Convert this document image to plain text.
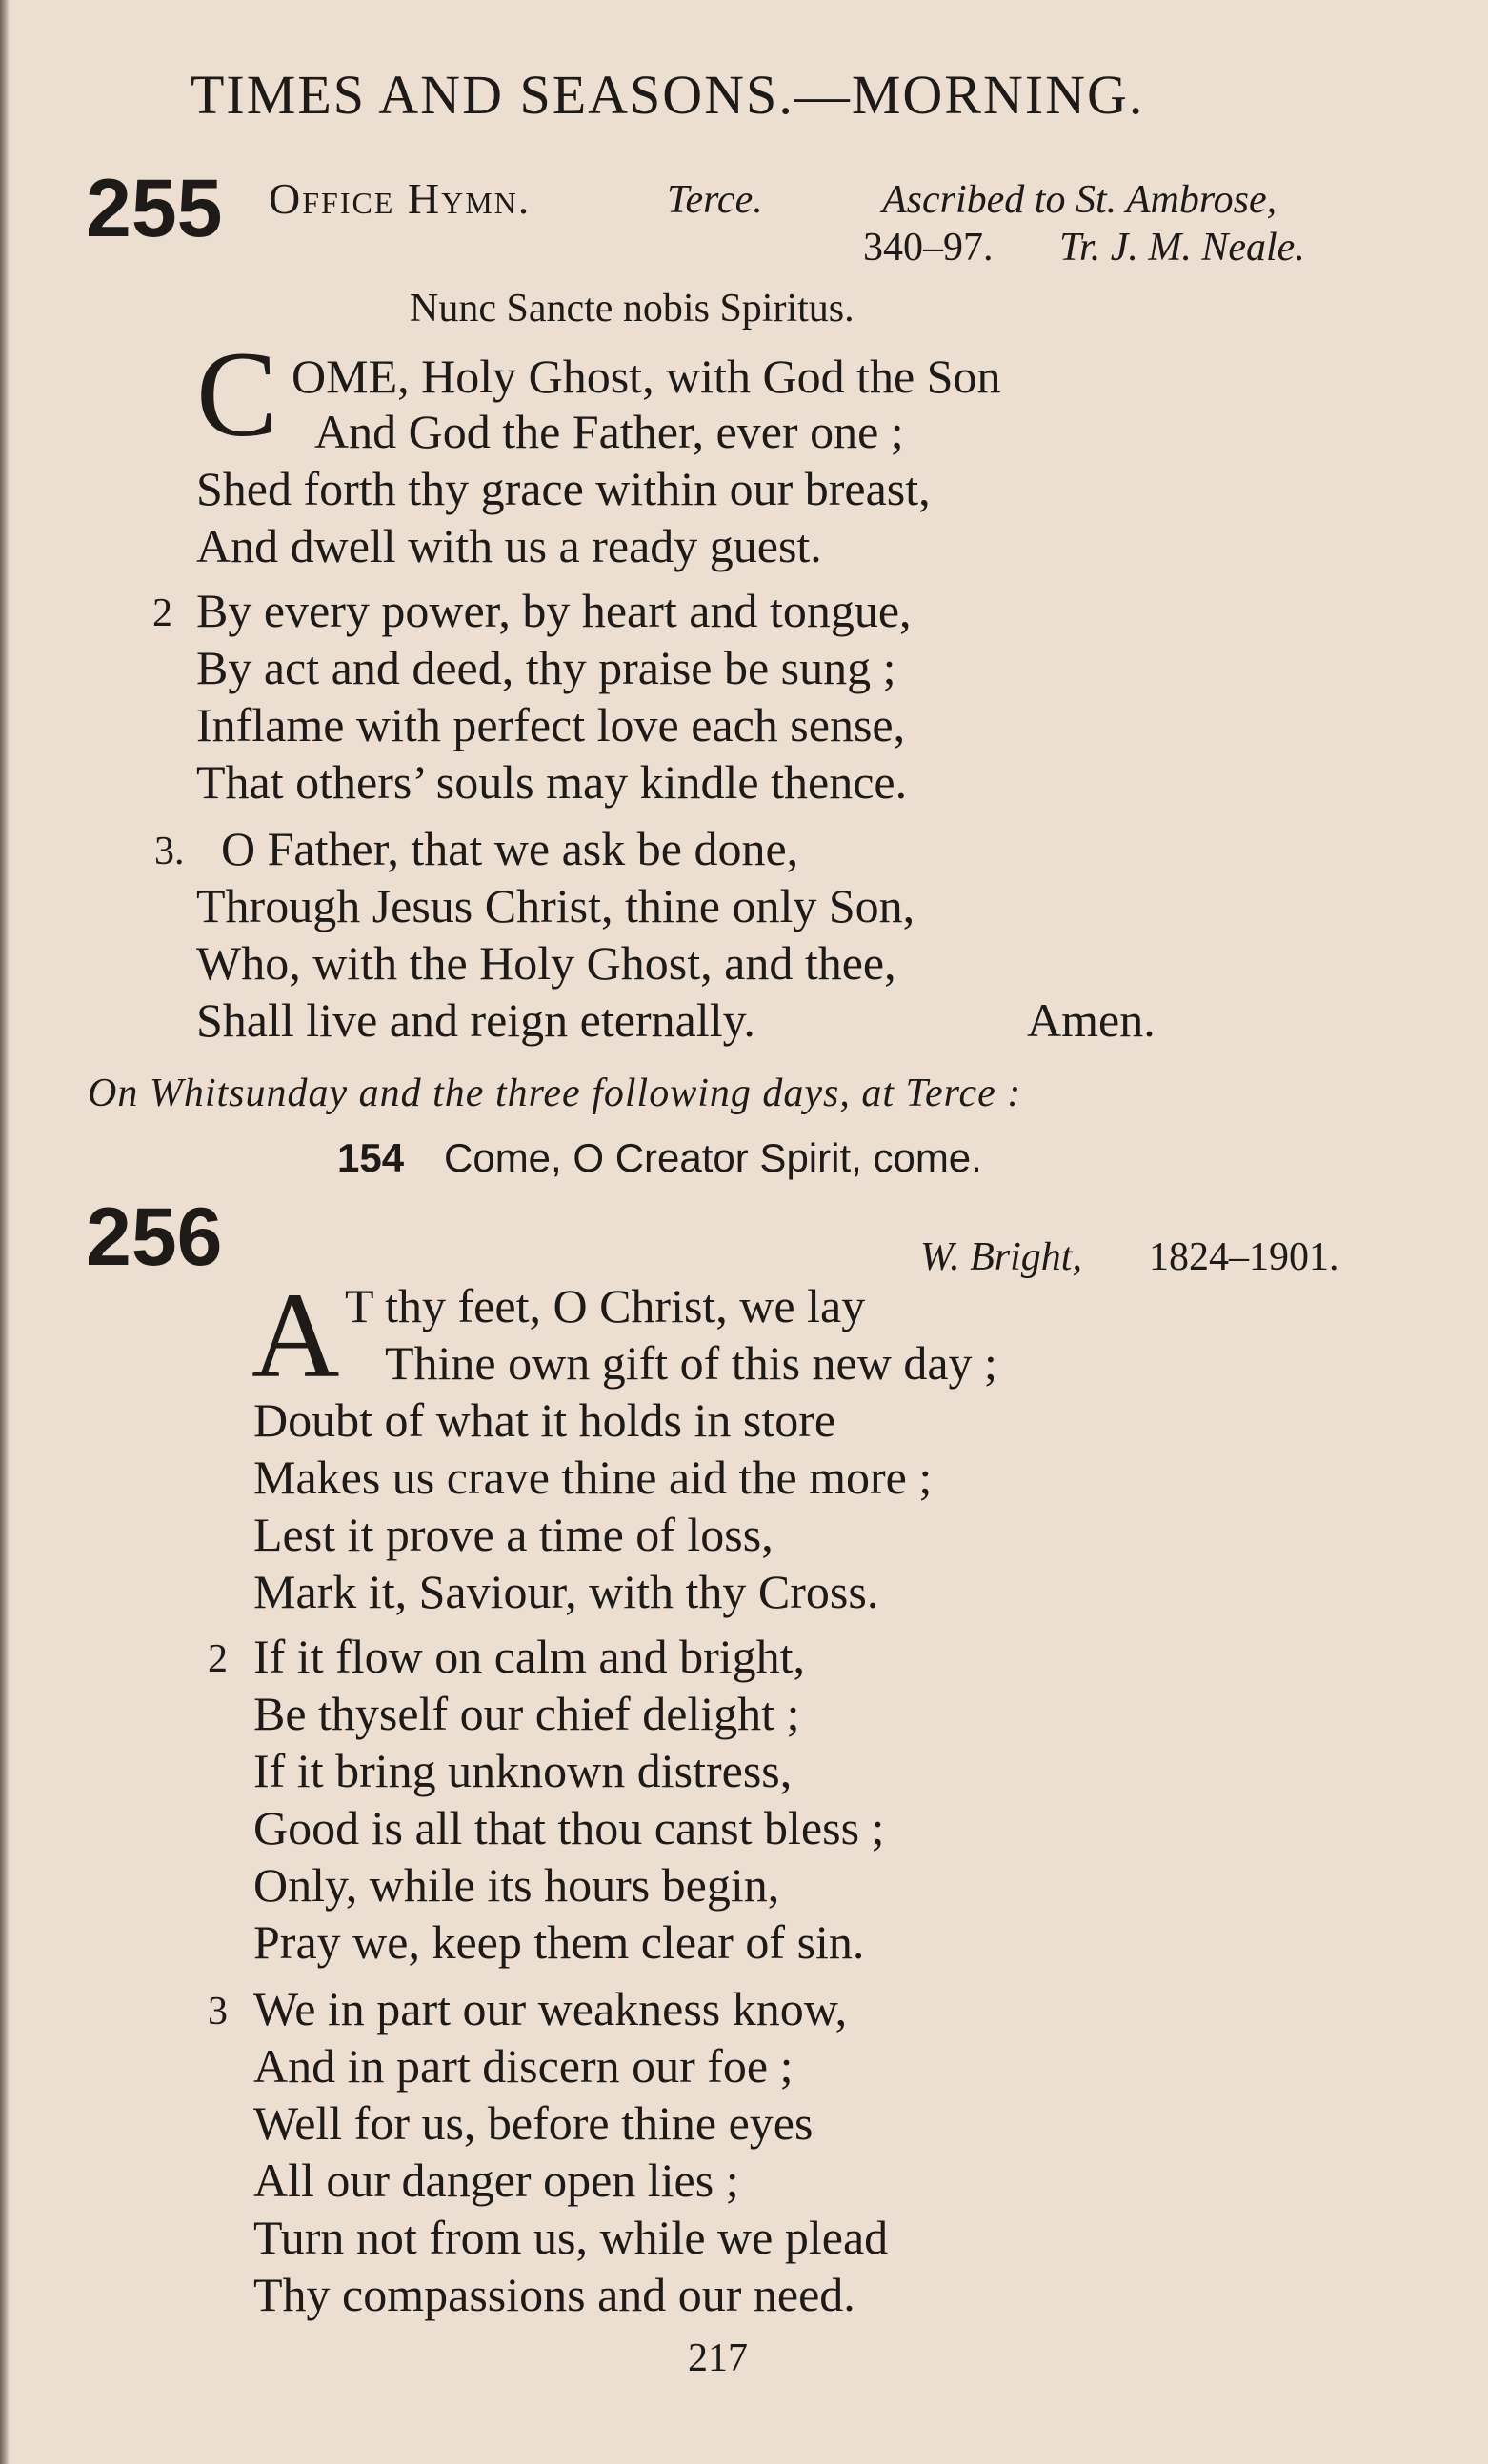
TIMES AND SEASONS.—MORNING.
255 Office Hymn.	Terce.	Ascribed to St. Ambrose,
340–97. Tr. J. M. Neale.
Nunc Sancte nobis Spiritus.
C OME, Holy Ghost, with God the Son
And God the Father, ever one ;
Shed forth thy grace within our breast,
And dwell with us a ready guest.
2 By every power, by heart and tongue,
By act and deed, thy praise be sung ;
Inflame with perfect love each sense,
That others’ souls may kindle thence.
3. O Father, that we ask be done,
Through Jesus Christ, thine only Son,
Who, with the Holy Ghost, and thee,
Shall live and reign eternally.	Amen.
On Whitsunday and the three following days, at Terce :
154 Come, O Creator Spirit, come.
256	W. Bright, 1824–1901.
A T thy feet, O Christ, we lay
Thine own gift of this new day ;
Doubt of what it holds in store
Makes us crave thine aid the more ;
Lest it prove a time of loss,
Mark it, Saviour, with thy Cross.
2 If it flow on calm and bright,
Be thyself our chief delight ;
If it bring unknown distress,
Good is all that thou canst bless ;
Only, while its hours begin,
Pray we, keep them clear of sin.
3 We in part our weakness know,
And in part discern our foe ;
Well for us, before thine eyes
All our danger open lies ;
Turn not from us, while we plead
Thy compassions and our need.
217
